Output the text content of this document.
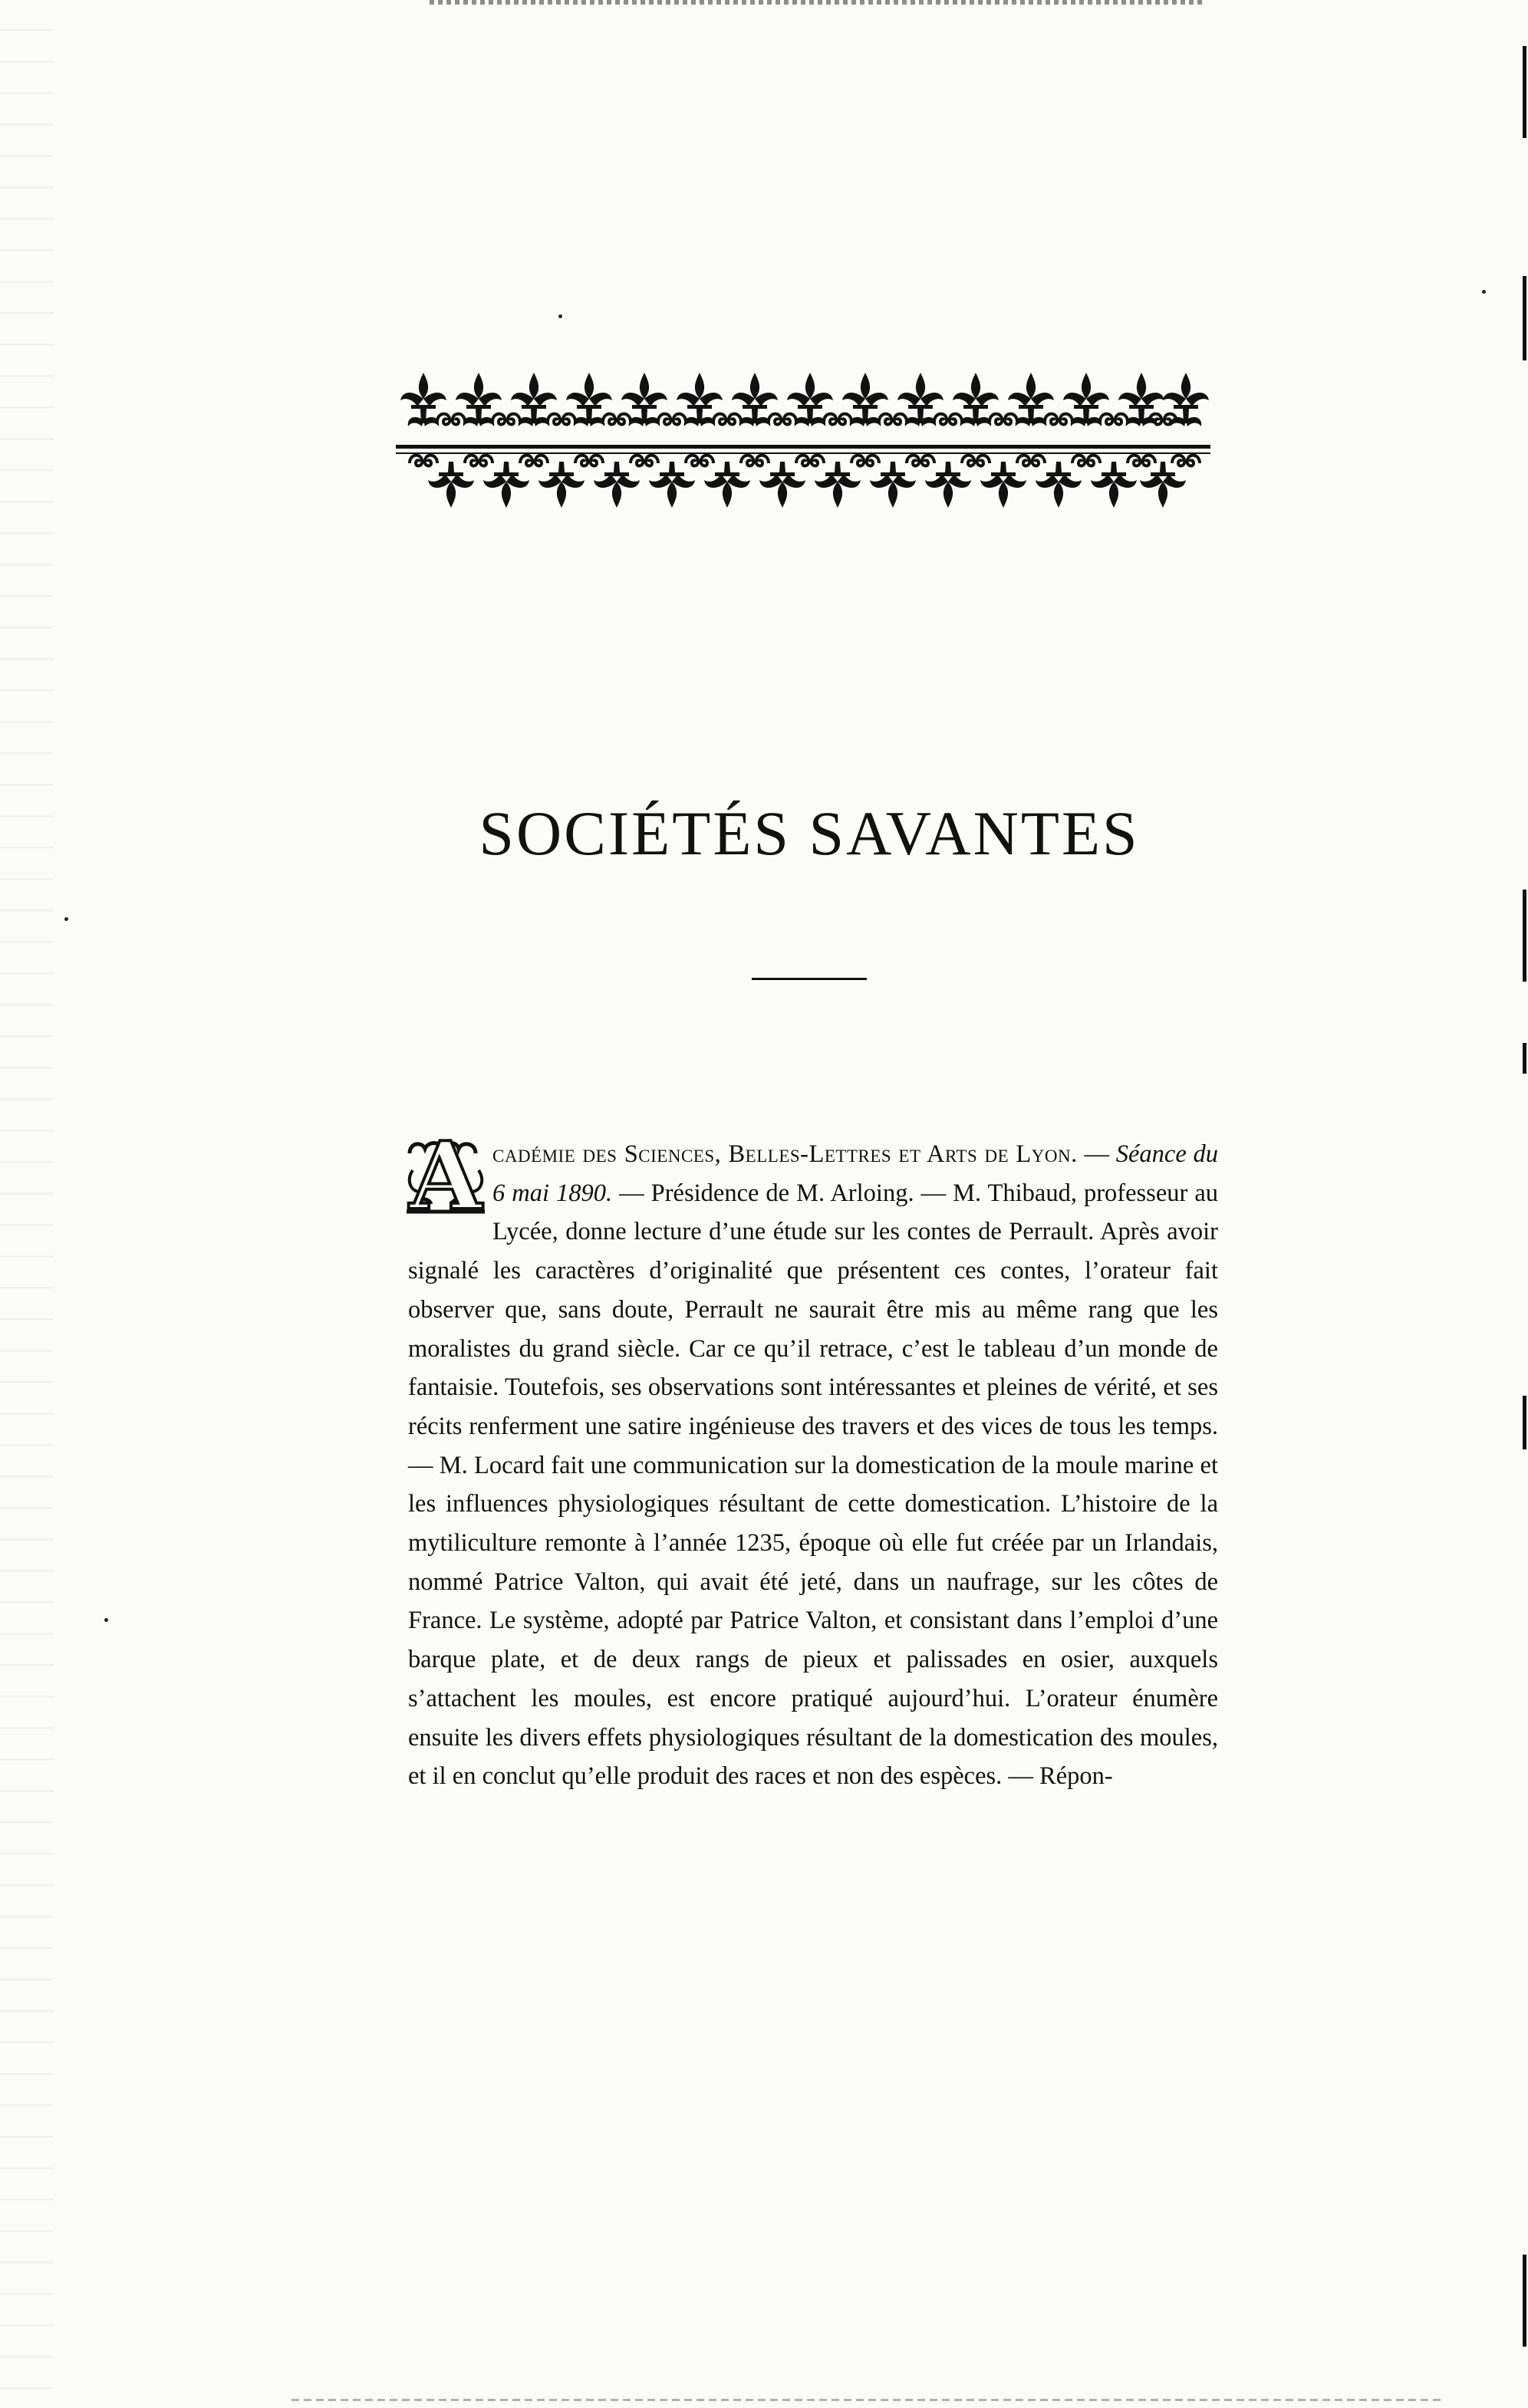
SOCIÉTÉS SAVANTES
A cadémie des Sciences, Belles-Lettres et Arts de Lyon. — Séance du 6 mai 1890. — Présidence de M. Arloing. — M. Thibaud, professeur au Lycée, donne lecture d’une étude sur les contes de Perrault. Après avoir signalé les caractères d’originalité que présentent ces contes, l’orateur fait observer que, sans doute, Perrault ne saurait être mis au même rang que les moralistes du grand siècle. Car ce qu’il retrace, c’est le tableau d’un monde de fantaisie. Toutefois, ses observations sont intéressantes et pleines de vérité, et ses récits renferment une satire ingénieuse des travers et des vices de tous les temps. — M. Locard fait une communication sur la domestication de la moule marine et les influences physiologiques résultant de cette domestication. L’histoire de la mytiliculture remonte à l’année 1235, époque où elle fut créée par un Irlandais, nommé Patrice Valton, qui avait été jeté, dans un naufrage, sur les côtes de France. Le système, adopté par Patrice Valton, et consistant dans l’emploi d’une barque plate, et de deux rangs de pieux et palissades en osier, auxquels s’attachent les moules, est encore pratiqué aujourd’hui. L’orateur énumère ensuite les divers effets physiologiques résultant de la domestication des moules, et il en conclut qu’elle produit des races et non des espèces. — Répon-
